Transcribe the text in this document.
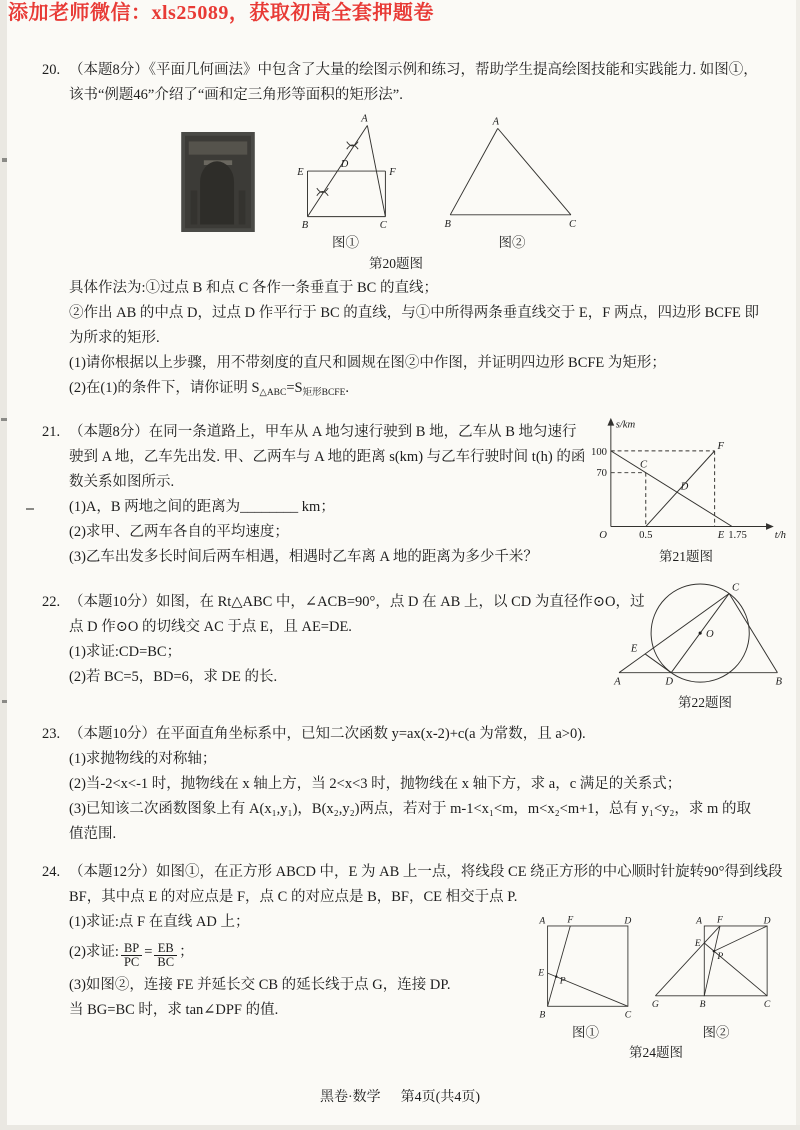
添加老师微信：xls25089，获取初高全套押题卷
20. （本题8分）《平面几何画法》中包含了大量的绘图示例和练习，帮助学生提高绘图技能和实践能力. 如图①，该书“例题46”介绍了“画和定三角形等面积的矩形法”.

A
D
E	F
B	C
图①
A
B	C
图②
第20题图

具体作法为:①过点 B 和点 C 各作一条垂直于 BC 的直线；

②作出 AB 的中点 D，过点 D 作平行于 BC 的直线，与①中所得两条垂直线交于 E，F 两点，四边形 BCFE 即为所求的矩形.

(1)请你根据以上步骤，用不带刻度的直尺和圆规在图②中作图，并证明四边形 BCFE 为矩形；

(2)在(1)的条件下，请你证明 $S_{\triangle ABC}=S_{矩形BCFE}$.

21. （本题8分）在同一条道路上，甲车从 A 地匀速行驶到 B 地，乙车从 B 地匀速行驶到 A 地，乙车先出发. 甲、乙两车与 A 地的距离 s(km) 与乙车行驶时间 t(h) 的函数关系如图所示.

(1)A，B 两地之间的距离为________ km；

(2)求甲、乙两车各自的平均速度；

(3)乙车出发多长时间后两车相遇，相遇时乙车离 A 地的距离为多少千米？

s/km
t/h
100
70
C
D
F
O	0.5	E 1.75
第21题图
22. （本题10分）如图，在 Rt△ABC 中，∠ACB=90°，点 D 在 AB 上，以 CD 为直径作⊙O，过点 D 作⊙O 的切线交 AC 于点 E，且 AE=DE.

(1)求证:CD=BC；

(2)若 BC=5，BD=6，求 DE 的长.

C
O
E
A	D	B
第22题图
23. （本题10分）在平面直角坐标系中，已知二次函数 y=ax(x-2)+c(a 为常数，且 a>0).

(1)求抛物线的对称轴；

(2)当-2<x<-1 时，抛物线在 x 轴上方，当 2<x<3 时，抛物线在 x 轴下方，求 a，c 满足的关系式；

(3)已知该二次函数图象上有 A(x₁,y₁)，B(x₂,y₂)两点，若对于 m-1<x₁<m，m<x₂<m+1，总有 y₁<y₂，求 m 的取值范围.

24. （本题12分）如图①，在正方形 ABCD 中，E 为 AB 上一点，将线段 CE 绕正方形的中心顺时针旋转90°得到线段 BF，其中点 E 的对应点是 F，点 C 的对应点是 B，BF，CE 相交于点 P.

(1)求证:点 F 在直线 AD 上；

(2)求证: $\frac{BP}{PC} = \frac{EB}{BC}$ ；

(3)如图②，连接 FE 并延长交 CB 的延长线于点 G，连接 DP.

当 BG=BC 时，求 tan∠DPF 的值.

A F	D
E
P
B	C
图①
A F	D
E
P
G	B	C
图②
第24题图
黑卷·数学 第4页(共4页)
